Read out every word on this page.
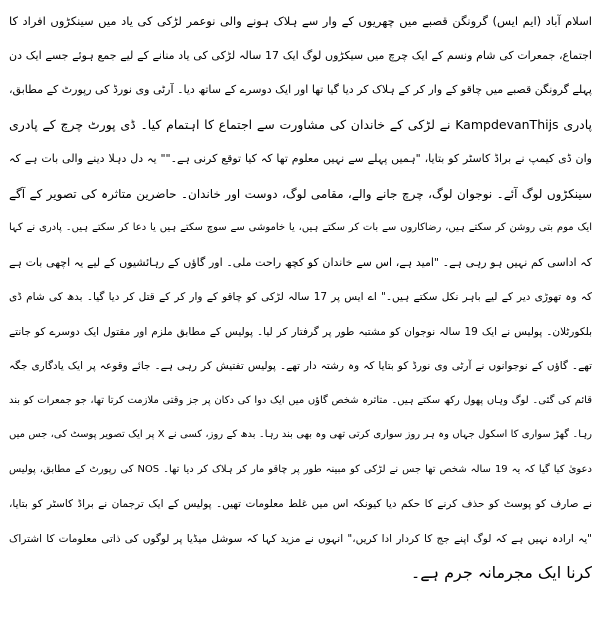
اسلام آباد (ایم ایس) گرونگن قصبے میں چھریوں کے وار سے ہلاک ہونے والی نوعمر لڑکی کی یاد میں سینکڑوں افراد کا
اجتماع، جمعرات کی شام ونسم کے ایک چرچ میں سیکڑوں لوگ ایک 17 سالہ لڑکی کی یاد منانے کے لیے جمع ہوئے جسے ایک دن
پہلے گرونگن قصبے میں چاقو کے وار کر کے ہلاک کر دیا گیا تھا اور ایک دوسرے کے ساتھ دیا۔ آرٹی وی نورڈ کی رپورٹ کے مطابق،
پادری KampdevanThijs نے لڑکی کے خاندان کی مشاورت سے اجتماع کا اہتمام کیا۔ ڈی پورٹ چرچ کے پادری
وان ڈی کیمپ نے براڈ کاسٹر کو بتایا، "ہمیں پہلے سے نہیں معلوم تھا کہ کیا توقع کرنی ہے۔"" یہ دل دہلا دینے والی بات ہے کہ
سینکڑوں لوگ آئے۔ نوجوان لوگ، چرچ جانے والے، مقامی لوگ، دوست اور خاندان۔ حاضرین متاثرہ کی تصویر کے آگے
ایک موم بتی روشن کر سکتے ہیں، رضاکاروں سے بات کر سکتے ہیں، یا خاموشی سے سوچ سکتے ہیں یا دعا کر سکتے ہیں۔ پادری نے کہا
کہ اداسی کم نہیں ہو رہی ہے۔ "امید ہے، اس سے خاندان کو کچھ راحت ملی۔ اور گاؤں کے رہائشیوں کے لیے یہ اچھی بات ہے
کہ وہ تھوڑی دیر کے لیے باہر نکل سکتے ہیں۔" اے ایس پر 17 سالہ لڑکی کو چاقو کے وار کر کے قتل کر دیا گیا۔ بدھ کی شام ڈی
بلکورٹلان۔ پولیس نے ایک 19 سالہ نوجوان کو مشتبہ طور پر گرفتار کر لیا۔ پولیس کے مطابق ملزم اور مقتول ایک دوسرے کو جانتے
تھے۔ گاؤں کے نوجوانوں نے آرٹی وی نورڈ کو بتایا کہ وہ رشتہ دار تھے۔ پولیس تفتیش کر رہی ہے۔ جائے وقوعہ پر ایک یادگاری جگہ
قائم کی گئی۔ لوگ وہاں پھول رکھ سکتے ہیں۔ متاثرہ شخص گاؤں میں ایک دوا کی دکان پر جز وقتی ملازمت کرتا تھا، جو جمعرات کو بند
رہا۔ گھڑ سواری کا اسکول جہاں وہ ہر روز سواری کرتی تھی وہ بھی بند رہا۔ بدھ کے روز، کسی نے X پر ایک تصویر پوسٹ کی، جس میں
دعویٰ کیا گیا کہ یہ 19 سالہ شخص تھا جس نے لڑکی کو مبینہ طور پر چاقو مار کر ہلاک کر دیا تھا۔ NOS کی رپورٹ کے مطابق، پولیس
نے صارف کو پوسٹ کو حذف کرنے کا حکم دیا کیونکہ اس میں غلط معلومات تھیں۔ پولیس کے ایک ترجمان نے براڈ کاسٹر کو بتایا،
"یہ ارادہ نہیں ہے کہ لوگ اپنے جج کا کردار ادا کریں،" انہوں نے مزید کہا کہ سوشل میڈیا پر لوگوں کی ذاتی معلومات کا اشتراک
کرنا ایک مجرمانہ جرم ہے۔
